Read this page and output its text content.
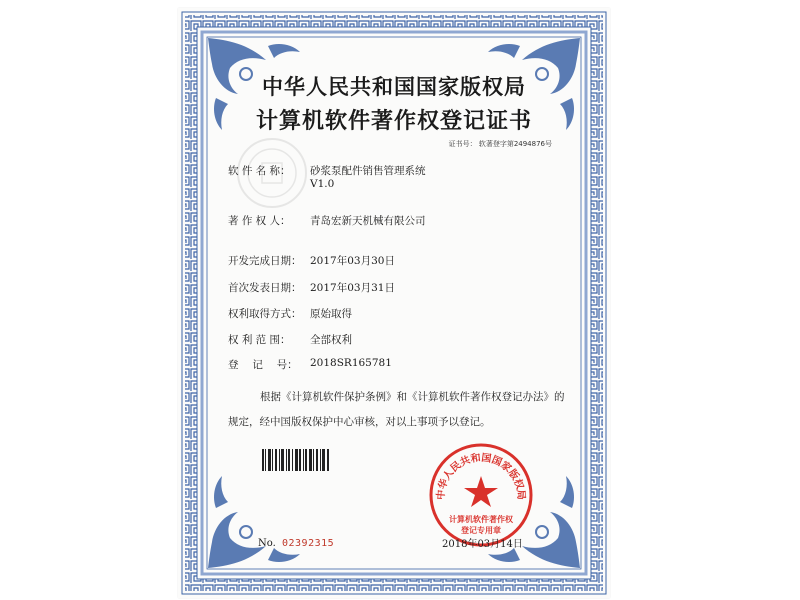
中华人民共和国国家版权局
计算机软件著作权登记证书
证书号： 软著登字第2494876号
软 件 名 称： 砂浆泵配件销售管理系统
V1.0
著 作 权 人： 青岛宏新天机械有限公司
开发完成日期： 2017年03月30日
首次发表日期： 2017年03月31日
权利取得方式： 原始取得
权 利 范 围： 全部权利
登　 记　 号： 2018SR165781
根据《计算机软件保护条例》和《计算机软件著作权登记办法》的
规定，经中国版权保护中心审核，对以上事项予以登记。
中华人民共和国国家版权局
计算机软件著作权
登记专用章
No. 02392315	2018年03月14日
